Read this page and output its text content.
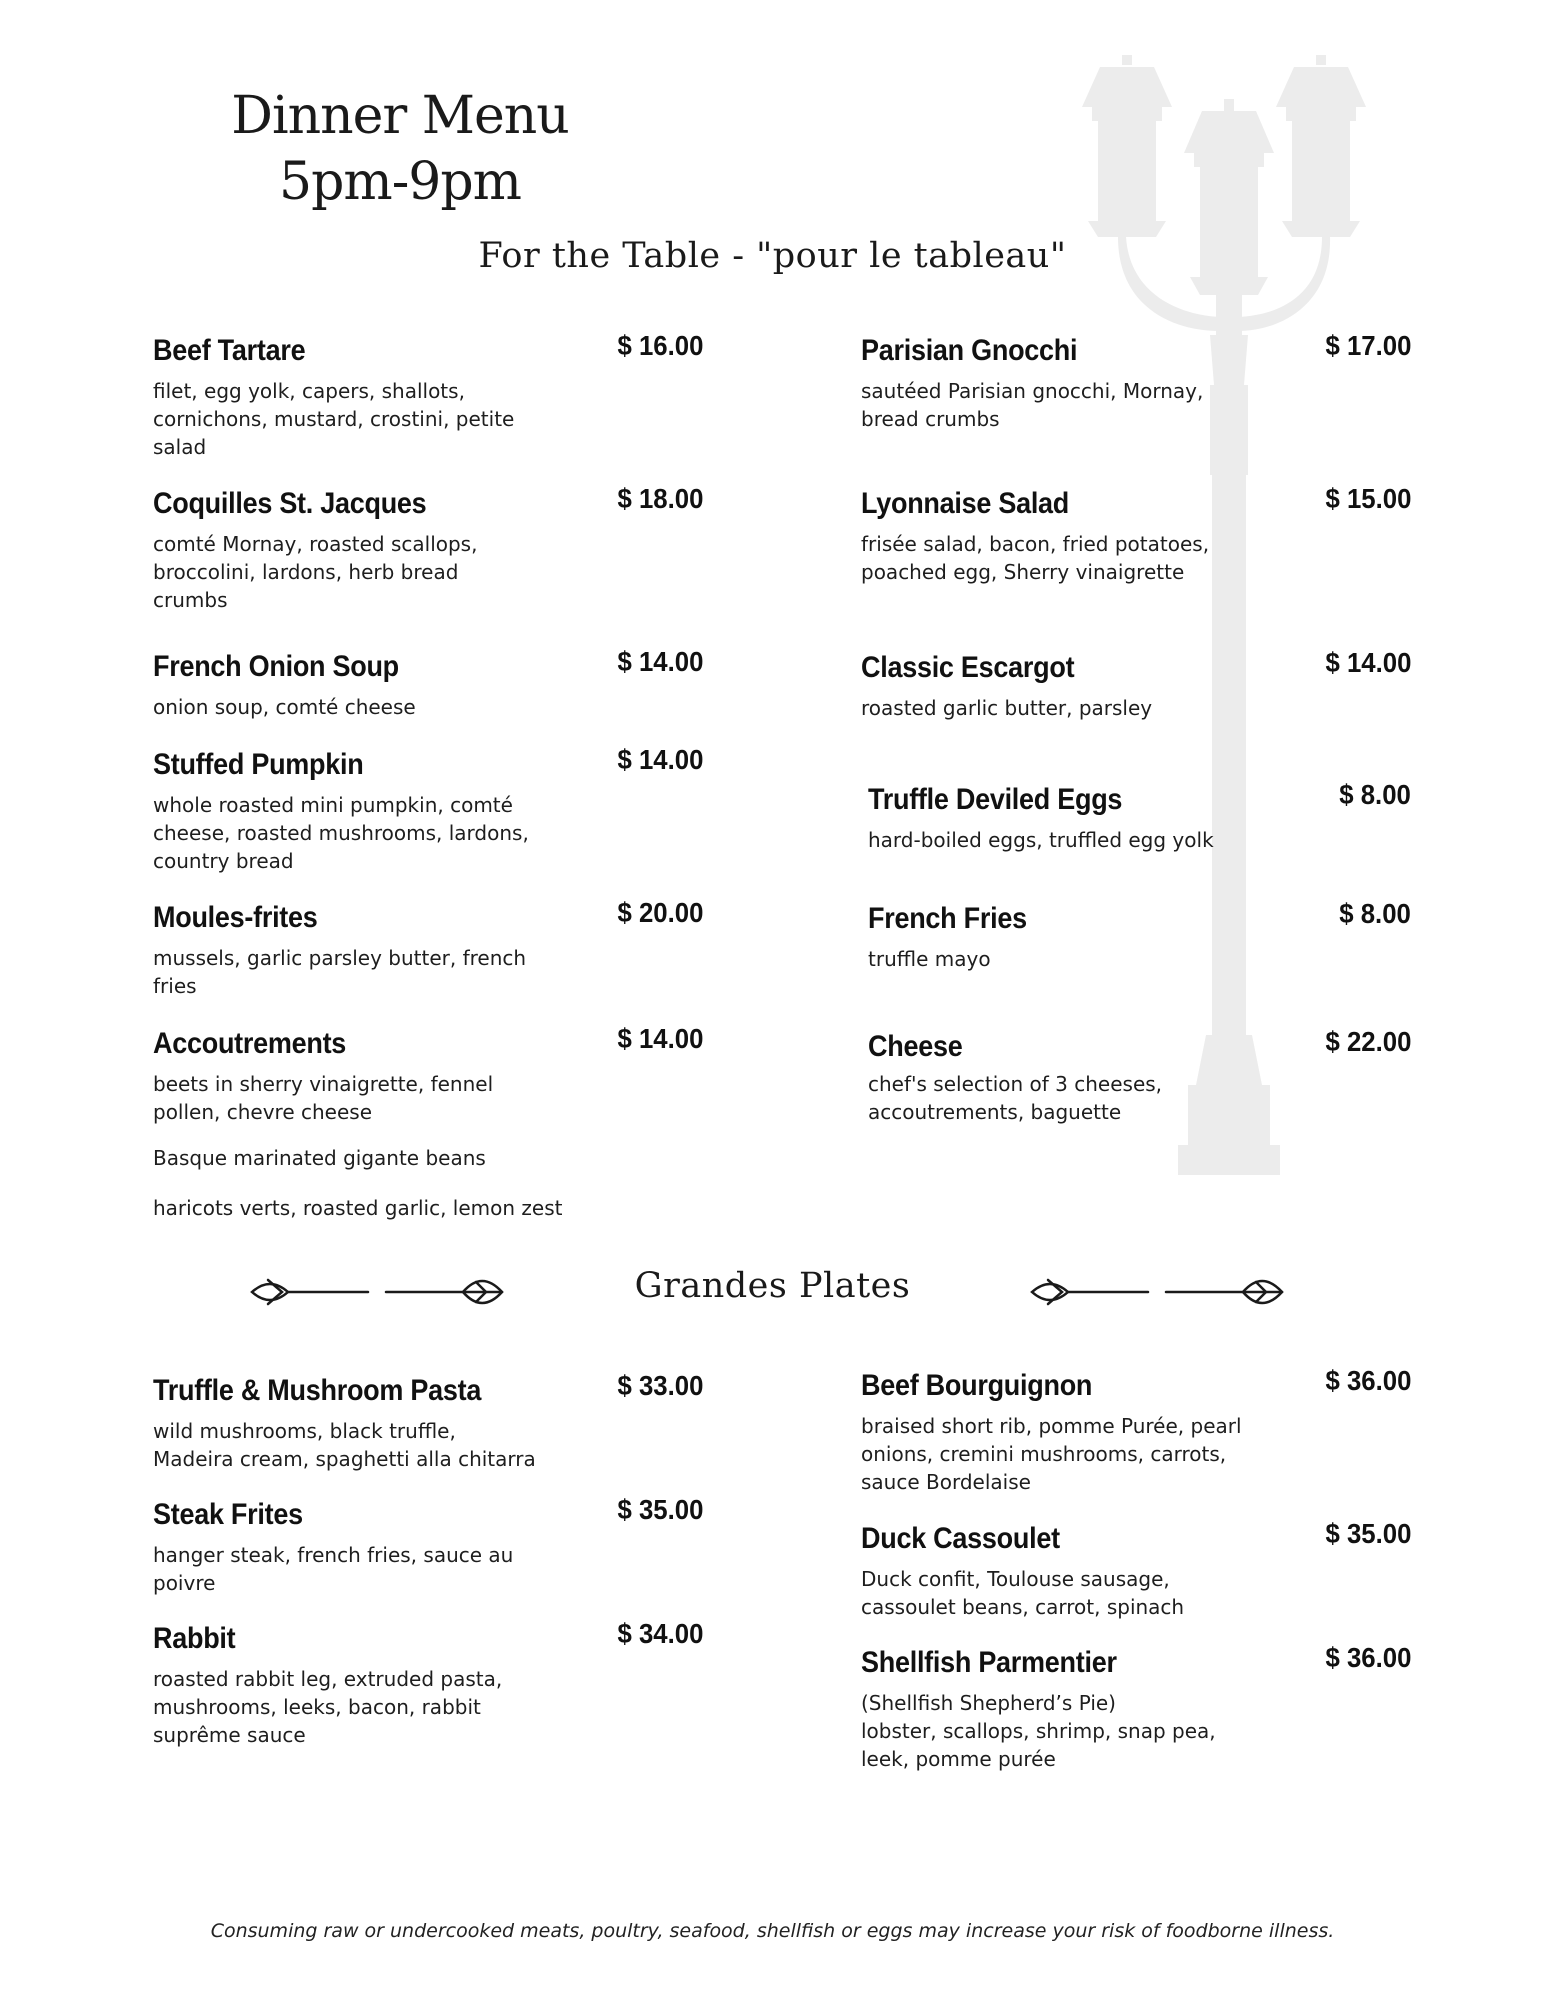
Dinner Menu
5pm-9pm
For the Table - "pour le tableau"
Beef Tartare	$ 16.00
filet, egg yolk, capers, shallots,
cornichons, mustard, crostini, petite
salad
Coquilles St. Jacques	$ 18.00
comté Mornay, roasted scallops,
broccolini, lardons, herb bread
crumbs
French Onion Soup	$ 14.00
onion soup, comté cheese
Stuffed Pumpkin	$ 14.00
whole roasted mini pumpkin, comté
cheese, roasted mushrooms, lardons,
country bread
Moules-frites	$ 20.00
mussels, garlic parsley butter, french
fries
Accoutrements	$ 14.00
beets in sherry vinaigrette, fennel
pollen, chevre cheese
Basque marinated gigante beans
haricots verts, roasted garlic, lemon zest
Parisian Gnocchi	$ 17.00
sautéed Parisian gnocchi, Mornay,
bread crumbs
Lyonnaise Salad	$ 15.00
frisée salad, bacon, fried potatoes,
poached egg, Sherry vinaigrette
Classic Escargot	$ 14.00
roasted garlic butter, parsley
Truffle Deviled Eggs	$ 8.00
hard-boiled eggs, truffled egg yolk
French Fries	$ 8.00
truffle mayo
Cheese	$ 22.00
chef's selection of 3 cheeses,
accoutrements, baguette
Grandes Plates
Truffle & Mushroom Pasta	$ 33.00
wild mushrooms, black truffle,
Madeira cream, spaghetti alla chitarra
Steak Frites	$ 35.00
hanger steak, french fries, sauce au
poivre
Rabbit	$ 34.00
roasted rabbit leg, extruded pasta,
mushrooms, leeks, bacon, rabbit
suprême sauce
Beef Bourguignon	$ 36.00
braised short rib, pomme Purée, pearl
onions, cremini mushrooms, carrots,
sauce Bordelaise
Duck Cassoulet	$ 35.00
Duck confit, Toulouse sausage,
cassoulet beans, carrot, spinach
Shellfish Parmentier	$ 36.00
(Shellfish Shepherd’s Pie)
lobster, scallops, shrimp, snap pea,
leek, pomme purée
Consuming raw or undercooked meats, poultry, seafood, shellfish or eggs may increase your risk of foodborne illness.
